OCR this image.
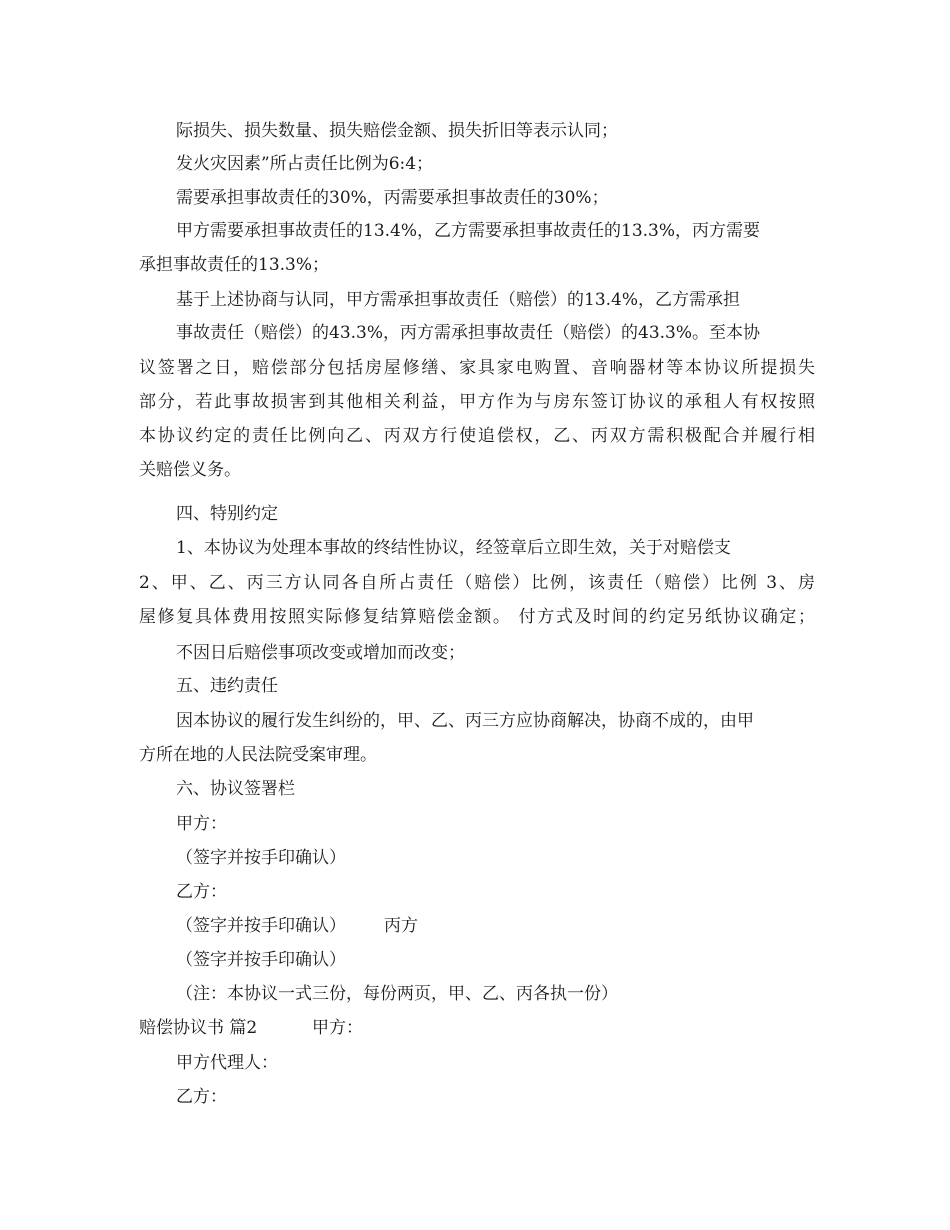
际损失、损失数量、损失赔偿金额、损失折旧等表示认同；
发火灾因素”所占责任比例为6:4；
需要承担事故责任的30%，丙需要承担事故责任的30%；
甲方需要承担事故责任的13.4%，乙方需要承担事故责任的13.3%，丙方需要
承担事故责任的13.3%；
基于上述协商与认同，甲方需承担事故责任（赔偿）的13.4%，乙方需承担
事故责任（赔偿）的43.3%，丙方需承担事故责任（赔偿）的43.3%。至本协
议签署之日，赔偿部分包括房屋修缮、家具家电购置、音响器材等本协议所提损失
部分，若此事故损害到其他相关利益，甲方作为与房东签订协议的承租人有权按照
本协议约定的责任比例向乙、丙双方行使追偿权，乙、丙双方需积极配合并履行相
关赔偿义务。
四、特别约定
1、本协议为处理本事故的终结性协议，经签章后立即生效，关于对赔偿支
2、甲、乙、丙三方认同各自所占责任（赔偿）比例，该责任（赔偿）比例 3、房
屋修复具体费用按照实际修复结算赔偿金额。 付方式及时间的约定另纸协议确定；
不因日后赔偿事项改变或增加而改变；
五、违约责任
因本协议的履行发生纠纷的，甲、乙、丙三方应协商解决，协商不成的，由甲
方所在地的人民法院受案审理。
六、协议签署栏
甲方：
（签字并按手印确认）
乙方：
（签字并按手印确认） 丙方
（签字并按手印确认）
（注：本协议一式三份，每份两页，甲、乙、丙各执一份）
赔偿协议书 篇2	甲方：
甲方代理人：
乙方：
